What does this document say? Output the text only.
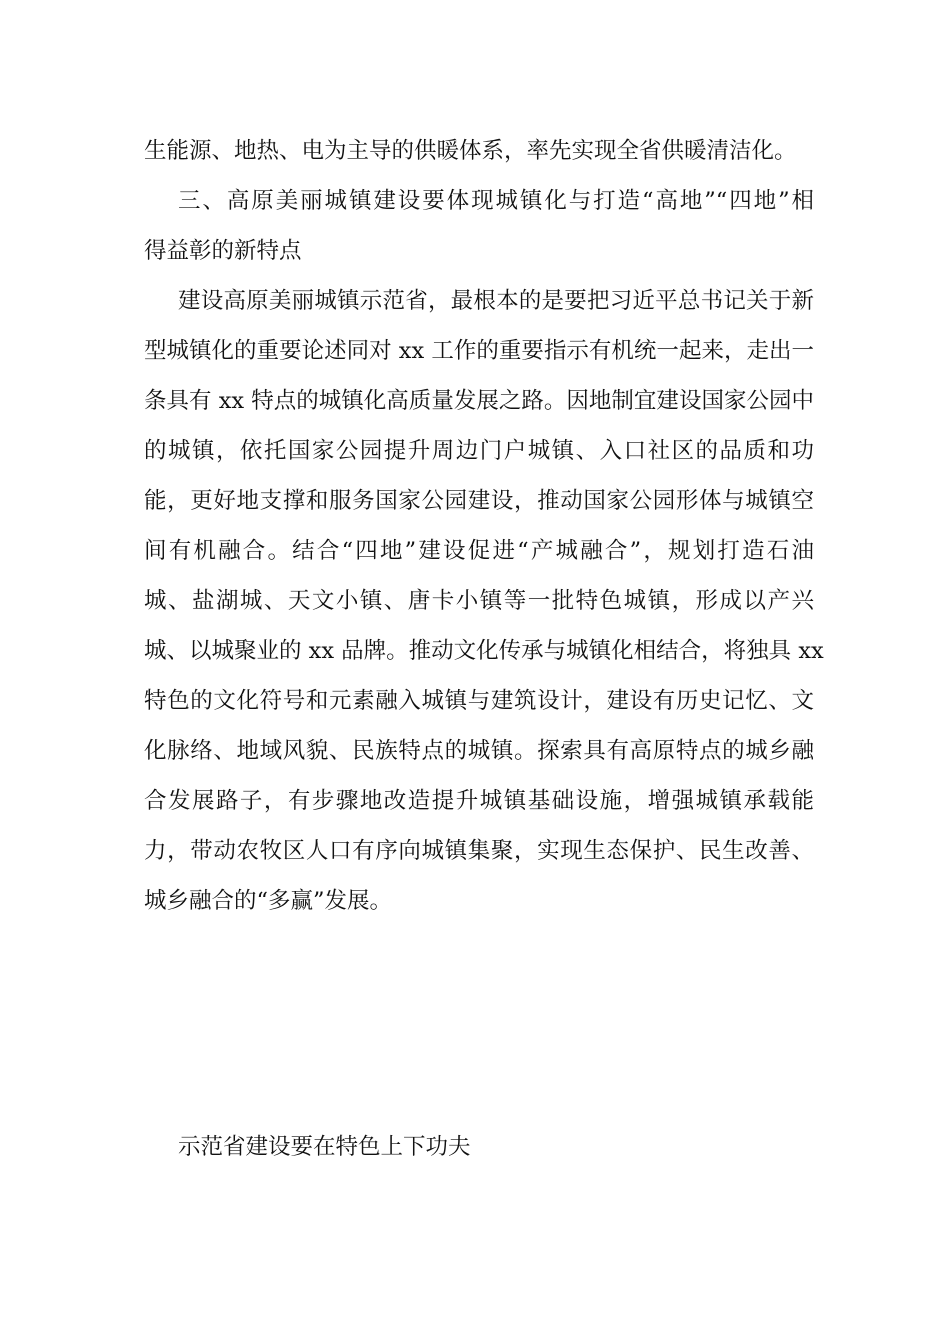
生能源、地热、电为主导的供暖体系，率先实现全省供暖清洁化。
三、高原美丽城镇建设要体现城镇化与打造“高地”“四地”相
得益彰的新特点
建设高原美丽城镇示范省，最根本的是要把习近平总书记关于新
型城镇化的重要论述同对 xx 工作的重要指示有机统一起来，走出一
条具有 xx 特点的城镇化高质量发展之路。因地制宜建设国家公园中
的城镇，依托国家公园提升周边门户城镇、入口社区的品质和功
能，更好地支撑和服务国家公园建设，推动国家公园形体与城镇空
间有机融合。结合“四地”建设促进“产城融合”，规划打造石油
城、盐湖城、天文小镇、唐卡小镇等一批特色城镇，形成以产兴
城、以城聚业的 xx 品牌。推动文化传承与城镇化相结合，将独具 xx
特色的文化符号和元素融入城镇与建筑设计，建设有历史记忆、文
化脉络、地域风貌、民族特点的城镇。探索具有高原特点的城乡融
合发展路子，有步骤地改造提升城镇基础设施，增强城镇承载能
力，带动农牧区人口有序向城镇集聚，实现生态保护、民生改善、
城乡融合的“多赢”发展。
示范省建设要在特色上下功夫
